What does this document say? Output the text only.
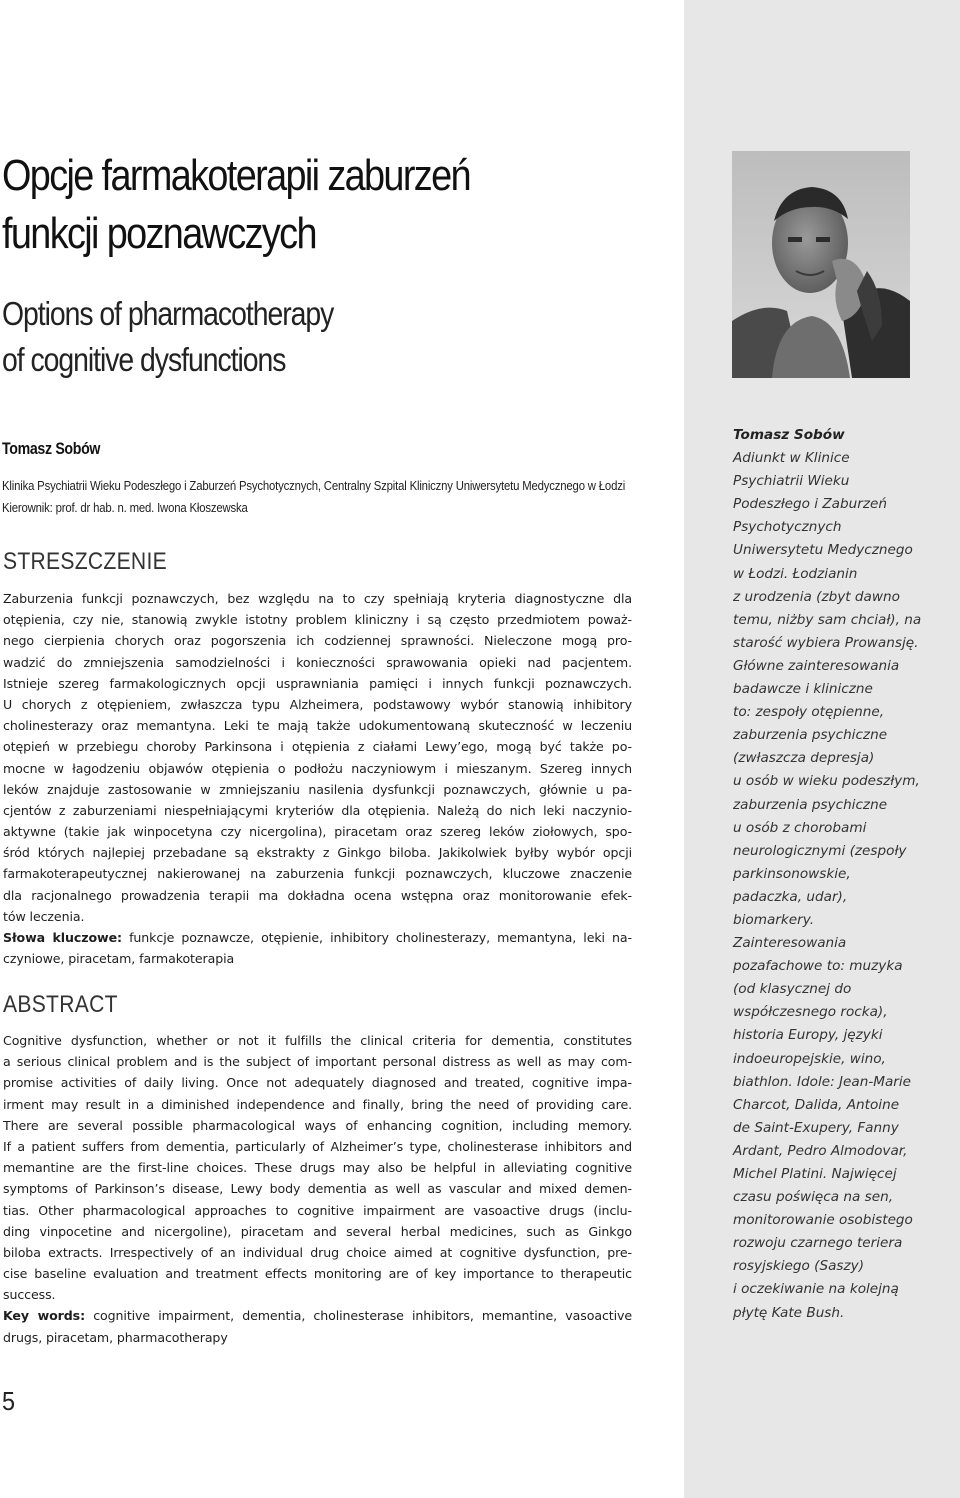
Tomasz Sobów
Adiunkt w Klinice
Psychiatrii Wieku
Podeszłego i Zaburzeń
Psychotycznych
Uniwersytetu Medycznego
w Łodzi. Łodzianin
z urodzenia (zbyt dawno
temu, niżby sam chciał), na
starość wybiera Prowansję.
Główne zainteresowania
badawcze i kliniczne
to: zespoły otępienne,
zaburzenia psychiczne
(zwłaszcza depresja)
u osób w wieku podeszłym,
zaburzenia psychiczne
u osób z chorobami
neurologicznymi (zespoły
parkinsonowskie,
padaczka, udar),
biomarkery.
Zainteresowania
pozafachowe to: muzyka
(od klasycznej do
współczesnego rocka),
historia Europy, języki
indoeuropejskie, wino,
biathlon. Idole: Jean-Marie
Charcot, Dalida, Antoine
de Saint-Exupery, Fanny
Ardant, Pedro Almodovar,
Michel Platini. Najwięcej
czasu poświęca na sen,
monitorowanie osobistego
rozwoju czarnego teriera
rosyjskiego (Saszy)
i oczekiwanie na kolejną
płytę Kate Bush.
Opcje farmakoterapii zaburzeń
funkcji poznawczych
Options of pharmacotherapy
of cognitive dysfunctions
Tomasz Sobów
Klinika Psychiatrii Wieku Podeszłego i Zaburzeń Psychotycznych, Centralny Szpital Kliniczny Uniwersytetu Medycznego w Łodzi
Kierownik: prof. dr hab. n. med. Iwona Kłoszewska
STRESZCZENIE
Zaburzenia funkcji poznawczych, bez względu na to czy spełniają kryteria diagnostyczne dla
otępienia, czy nie, stanowią zwykle istotny problem kliniczny i są często przedmiotem poważ-
nego cierpienia chorych oraz pogorszenia ich codziennej sprawności. Nieleczone mogą pro-
wadzić do zmniejszenia samodzielności i konieczności sprawowania opieki nad pacjentem.
Istnieje szereg farmakologicznych opcji usprawniania pamięci i innych funkcji poznawczych.
U chorych z otępieniem, zwłaszcza typu Alzheimera, podstawowy wybór stanowią inhibitory
cholinesterazy oraz memantyna. Leki te mają także udokumentowaną skuteczność w leczeniu
otępień w przebiegu choroby Parkinsona i otępienia z ciałami Lewy’ego, mogą być także po-
mocne w łagodzeniu objawów otępienia o podłożu naczyniowym i mieszanym. Szereg innych
leków znajduje zastosowanie w zmniejszaniu nasilenia dysfunkcji poznawczych, głównie u pa-
cjentów z zaburzeniami niespełniającymi kryteriów dla otępienia. Należą do nich leki naczynio-
aktywne (takie jak winpocetyna czy nicergolina), piracetam oraz szereg leków ziołowych, spo-
śród których najlepiej przebadane są ekstrakty z Ginkgo biloba. Jakikolwiek byłby wybór opcji
farmakoterapeutycznej nakierowanej na zaburzenia funkcji poznawczych, kluczowe znaczenie
dla racjonalnego prowadzenia terapii ma dokładna ocena wstępna oraz monitorowanie efek-
tów leczenia.
Słowa kluczowe: funkcje poznawcze, otępienie, inhibitory cholinesterazy, memantyna, leki na-
czyniowe, piracetam, farmakoterapia
ABSTRACT
Cognitive dysfunction, whether or not it fulfills the clinical criteria for dementia, constitutes
a serious clinical problem and is the subject of important personal distress as well as may com-
promise activities of daily living. Once not adequately diagnosed and treated, cognitive impa-
irment may result in a diminished independence and finally, bring the need of providing care.
There are several possible pharmacological ways of enhancing cognition, including memory.
If a patient suffers from dementia, particularly of Alzheimer’s type, cholinesterase inhibitors and
memantine are the first-line choices. These drugs may also be helpful in alleviating cognitive
symptoms of Parkinson’s disease, Lewy body dementia as well as vascular and mixed demen-
tias. Other pharmacological approaches to cognitive impairment are vasoactive drugs (inclu-
ding vinpocetine and nicergoline), piracetam and several herbal medicines, such as Ginkgo
biloba extracts. Irrespectively of an individual drug choice aimed at cognitive dysfunction, pre-
cise baseline evaluation and treatment effects monitoring are of key importance to therapeutic
success.
Key words: cognitive impairment, dementia, cholinesterase inhibitors, memantine, vasoactive
drugs, piracetam, pharmacotherapy
5
